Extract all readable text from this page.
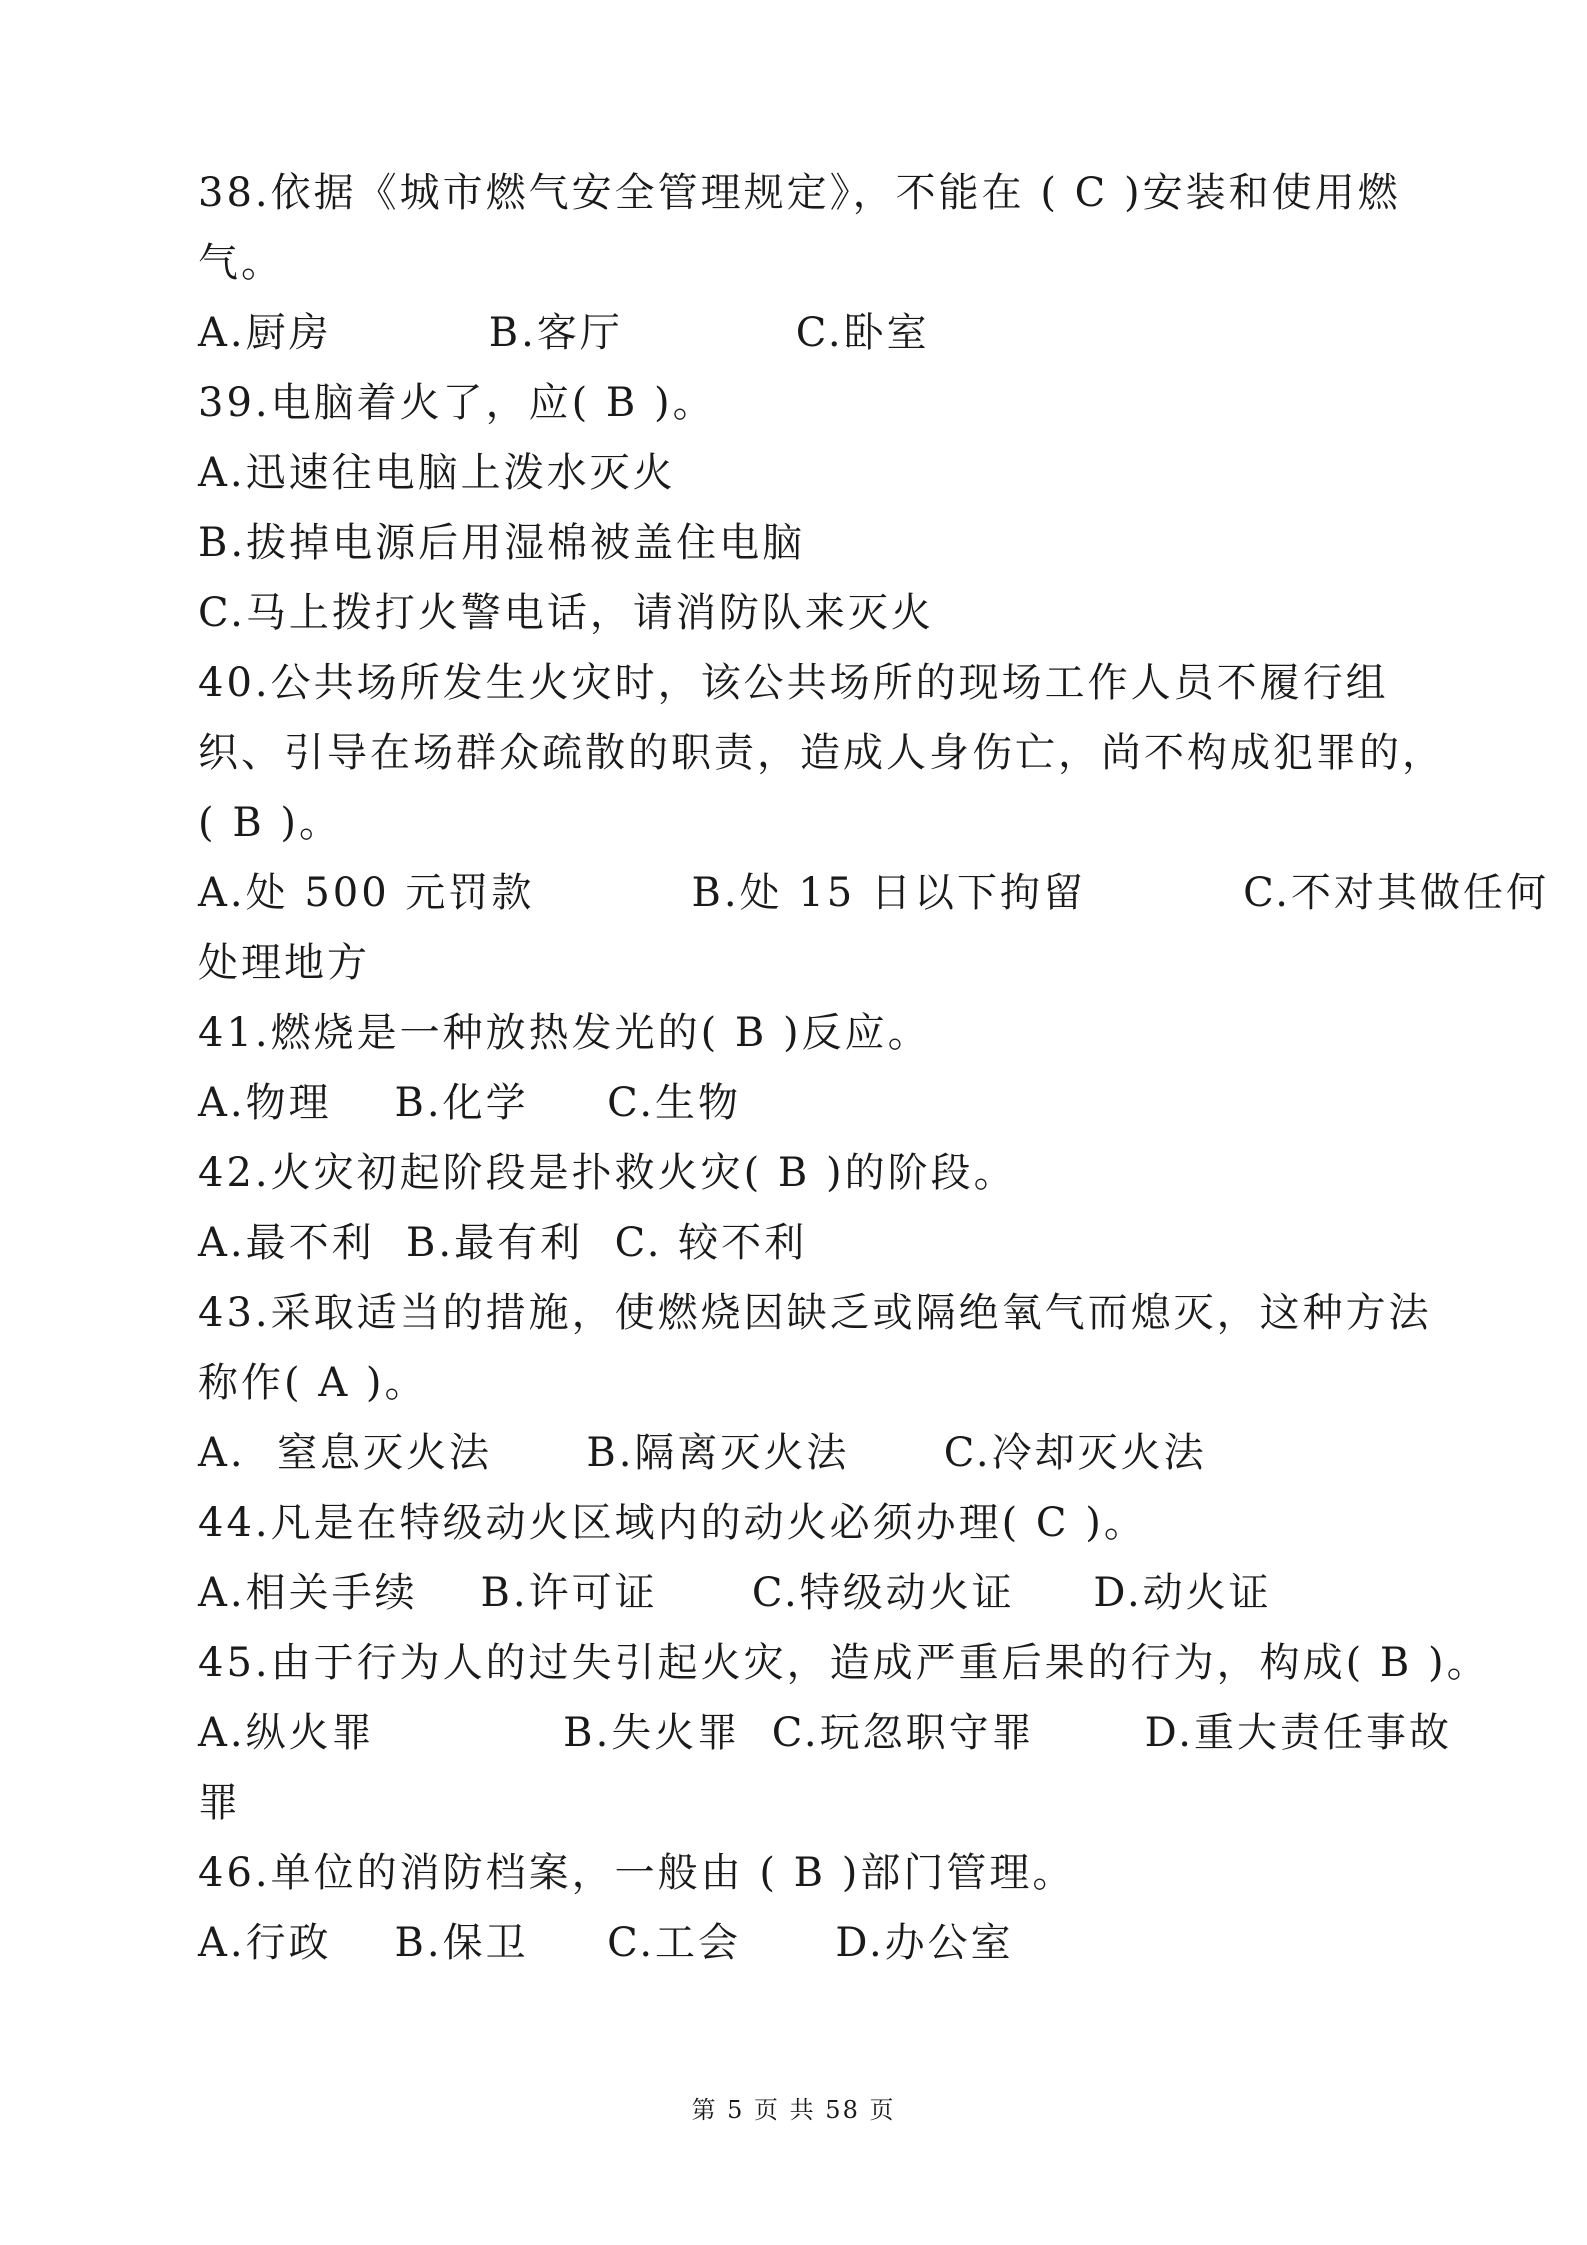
38.依据《城市燃气安全管理规定》，不能在 ( C )安装和使用燃
气。
A.厨房          B.客厅           C.卧室
39.电脑着火了，应( B )。
A.迅速往电脑上泼水灭火
B.拔掉电源后用湿棉被盖住电脑
C.马上拨打火警电话，请消防队来灭火
40.公共场所发生火灾时，该公共场所的现场工作人员不履行组
织、引导在场群众疏散的职责，造成人身伤亡，尚不构成犯罪的，
( B )。
A.处 500 元罚款          B.处 15 日以下拘留          C.不对其做任何
处理地方
41.燃烧是一种放热发光的( B )反应。
A.物理    B.化学     C.生物
42.火灾初起阶段是扑救火灾( B )的阶段。
A.最不利  B.最有利  C. 较不利
43.采取适当的措施，使燃烧因缺乏或隔绝氧气而熄灭，这种方法
称作( A )。
A.  窒息灭火法      B.隔离灭火法      C.冷却灭火法
44.凡是在特级动火区域内的动火必须办理( C )。
A.相关手续    B.许可证      C.特级动火证     D.动火证
45.由于行为人的过失引起火灾，造成严重后果的行为，构成( B )。
A.纵火罪            B.失火罪  C.玩忽职守罪       D.重大责任事故
罪
46.单位的消防档案，一般由 ( B )部门管理。
A.行政    B.保卫     C.工会      D.办公室
第 5 页 共 58 页
